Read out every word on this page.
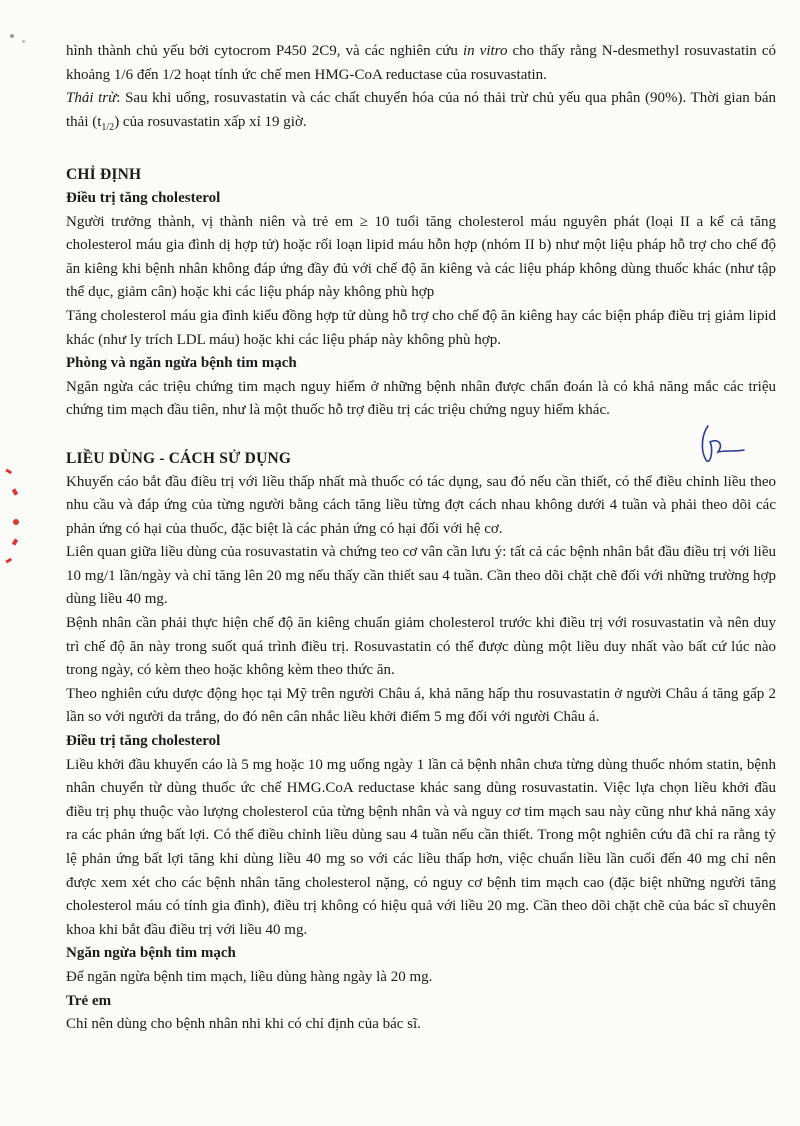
hình thành chủ yếu bởi cytocrom P450 2C9, và các nghiên cứu in vitro cho thấy rằng N-desmethyl rosuvastatin có khoảng 1/6 đến 1/2 hoạt tính ức chế men HMG-CoA reductase của rosuvastatin.

Thải trừ: Sau khi uống, rosuvastatin và các chất chuyển hóa của nó thải trừ chủ yếu qua phân (90%). Thời gian bán thải $(t_{1/2})$ của rosuvastatin xấp xỉ 19 giờ.

CHỈ ĐỊNH

Điều trị tăng cholesterol

Người trưởng thành, vị thành niên và trẻ em ≥ 10 tuổi tăng cholesterol máu nguyên phát (loại II a kể cả tăng cholesterol máu gia đình dị hợp tử) hoặc rối loạn lipid máu hỗn hợp (nhóm II b) như một liệu pháp hỗ trợ cho chế độ ăn kiêng khi bệnh nhân không đáp ứng đầy đủ với chế độ ăn kiêng và các liệu pháp không dùng thuốc khác (như tập thể dục, giảm cân) hoặc khi các liệu pháp này không phù hợp

Tăng cholesterol máu gia đình kiểu đồng hợp tử dùng hỗ trợ cho chế độ ăn kiêng hay các biện pháp điều trị giảm lipid khác (như ly trích LDL máu) hoặc khi các liệu pháp này không phù hợp.

Phòng và ngăn ngừa bệnh tim mạch

Ngăn ngừa các triệu chứng tim mạch nguy hiểm ở những bệnh nhân được chẩn đoán là có khả năng mắc các triệu chứng tim mạch đầu tiên, như là một thuốc hỗ trợ điều trị các triệu chứng nguy hiểm khác.

LIỀU DÙNG - CÁCH SỬ DỤNG

Khuyến cáo bắt đầu điều trị với liều thấp nhất mà thuốc có tác dụng, sau đó nếu cần thiết, có thể điều chỉnh liều theo nhu cầu và đáp ứng của từng người bằng cách tăng liều từng đợt cách nhau không dưới 4 tuần và phải theo dõi các phản ứng có hại của thuốc, đặc biệt là các phản ứng có hại đối với hệ cơ.

Liên quan giữa liều dùng của rosuvastatin và chứng teo cơ vân cần lưu ý: tất cả các bệnh nhân bắt đầu điều trị với liều 10 mg/1 lần/ngày và chỉ tăng lên 20 mg nếu thấy cần thiết sau 4 tuần. Cần theo dõi chặt chẽ đối với những trường hợp dùng liều 40 mg.

Bệnh nhân cần phải thực hiện chế độ ăn kiêng chuẩn giảm cholesterol trước khi điều trị với rosuvastatin và nên duy trì chế độ ăn này trong suốt quá trình điều trị. Rosuvastatin có thể được dùng một liều duy nhất vào bất cứ lúc nào trong ngày, có kèm theo hoặc không kèm theo thức ăn.

Theo nghiên cứu dược động học tại Mỹ trên người Châu á, khả năng hấp thu rosuvastatin ở người Châu á tăng gấp 2 lần so với người da trắng, do đó nên cân nhắc liều khởi điểm 5 mg đối với người Châu á.

Điều trị tăng cholesterol

Liều khởi đầu khuyến cáo là 5 mg hoặc 10 mg uống ngày 1 lần cả bệnh nhân chưa từng dùng thuốc nhóm statin, bệnh nhân chuyển từ dùng thuốc ức chế HMG.CoA reductase khác sang dùng rosuvastatin. Việc lựa chọn liều khởi đầu điều trị phụ thuộc vào lượng cholesterol của từng bệnh nhân và và nguy cơ tim mạch sau này cũng như khả năng xảy ra các phản ứng bất lợi. Có thể điều chỉnh liều dùng sau 4 tuần nếu cần thiết. Trong một nghiên cứu đã chỉ ra rằng tỷ lệ phản ứng bất lợi tăng khi dùng liều 40 mg so với các liều thấp hơn, việc chuẩn liều lần cuối đến 40 mg chỉ nên được xem xét cho các bệnh nhân tăng cholesterol nặng, có nguy cơ bệnh tim mạch cao (đặc biệt những người tăng cholesterol máu có tính gia đình), điều trị không có hiệu quả với liều 20 mg. Cần theo dõi chặt chẽ của bác sĩ chuyên khoa khi bắt đầu điều trị với liều 40 mg.

Ngăn ngừa bệnh tim mạch

Để ngăn ngừa bệnh tim mạch, liều dùng hàng ngày là 20 mg.

Trẻ em

Chỉ nên dùng cho bệnh nhân nhi khi có chỉ định của bác sĩ.
